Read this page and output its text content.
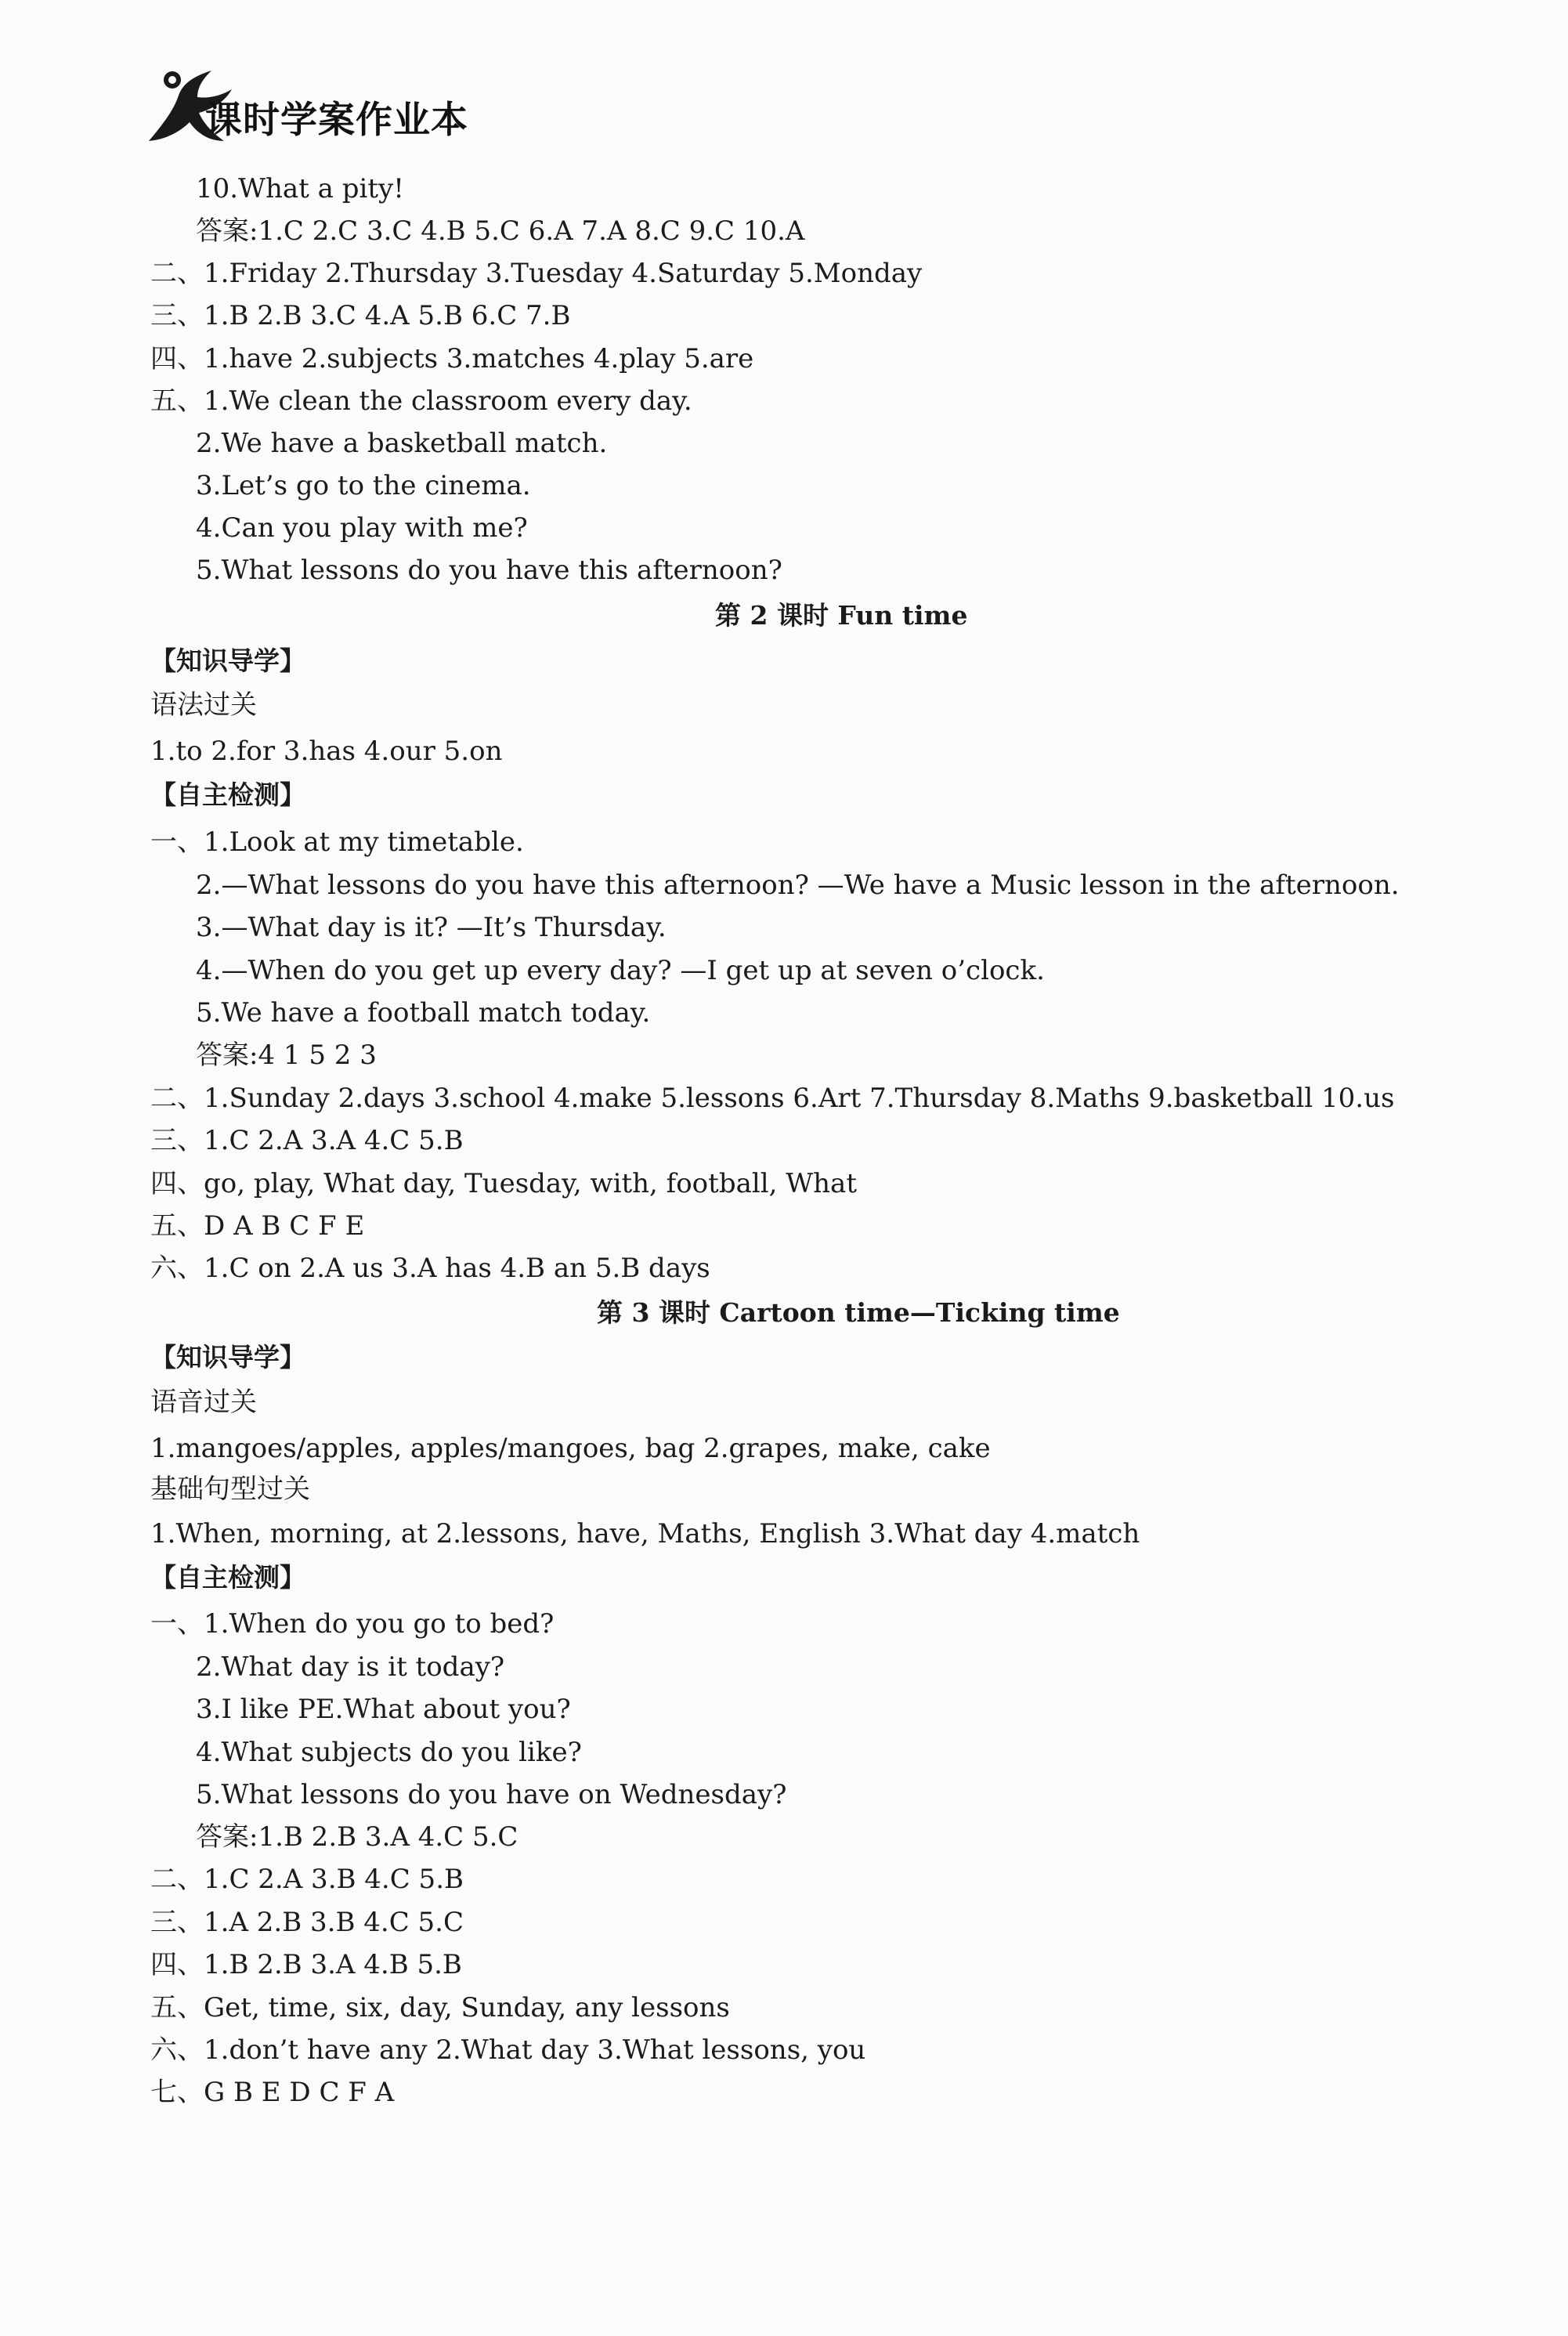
课时学案作业本
10.What a pity!
答案:1.C 2.C 3.C 4.B 5.C 6.A 7.A 8.C 9.C 10.A
二、1.Friday 2.Thursday 3.Tuesday 4.Saturday 5.Monday
三、1.B 2.B 3.C 4.A 5.B 6.C 7.B
四、1.have 2.subjects 3.matches 4.play 5.are
五、1.We clean the classroom every day.
2.We have a basketball match.
3.Let’s go to the cinema.
4.Can you play with me?
5.What lessons do you have this afternoon?
第 2 课时 Fun time
【知识导学】
语法过关
1.to 2.for 3.has 4.our 5.on
【自主检测】
一、1.Look at my timetable.
2.—What lessons do you have this afternoon? —We have a Music lesson in the afternoon.
3.—What day is it? —It’s Thursday.
4.—When do you get up every day? —I get up at seven o’clock.
5.We have a football match today.
答案:4 1 5 2 3
二、1.Sunday 2.days 3.school 4.make 5.lessons 6.Art 7.Thursday 8.Maths 9.basketball 10.us
三、1.C 2.A 3.A 4.C 5.B
四、go, play, What day, Tuesday, with, football, What
五、D A B C F E
六、1.C on 2.A us 3.A has 4.B an 5.B days
第 3 课时 Cartoon time—Ticking time
【知识导学】
语音过关
1.mangoes/apples, apples/mangoes, bag 2.grapes, make, cake
基础句型过关
1.When, morning, at 2.lessons, have, Maths, English 3.What day 4.match
【自主检测】
一、1.When do you go to bed?
2.What day is it today?
3.I like PE.What about you?
4.What subjects do you like?
5.What lessons do you have on Wednesday?
答案:1.B 2.B 3.A 4.C 5.C
二、1.C 2.A 3.B 4.C 5.B
三、1.A 2.B 3.B 4.C 5.C
四、1.B 2.B 3.A 4.B 5.B
五、Get, time, six, day, Sunday, any lessons
六、1.don’t have any 2.What day 3.What lessons, you
七、G B E D C F A
